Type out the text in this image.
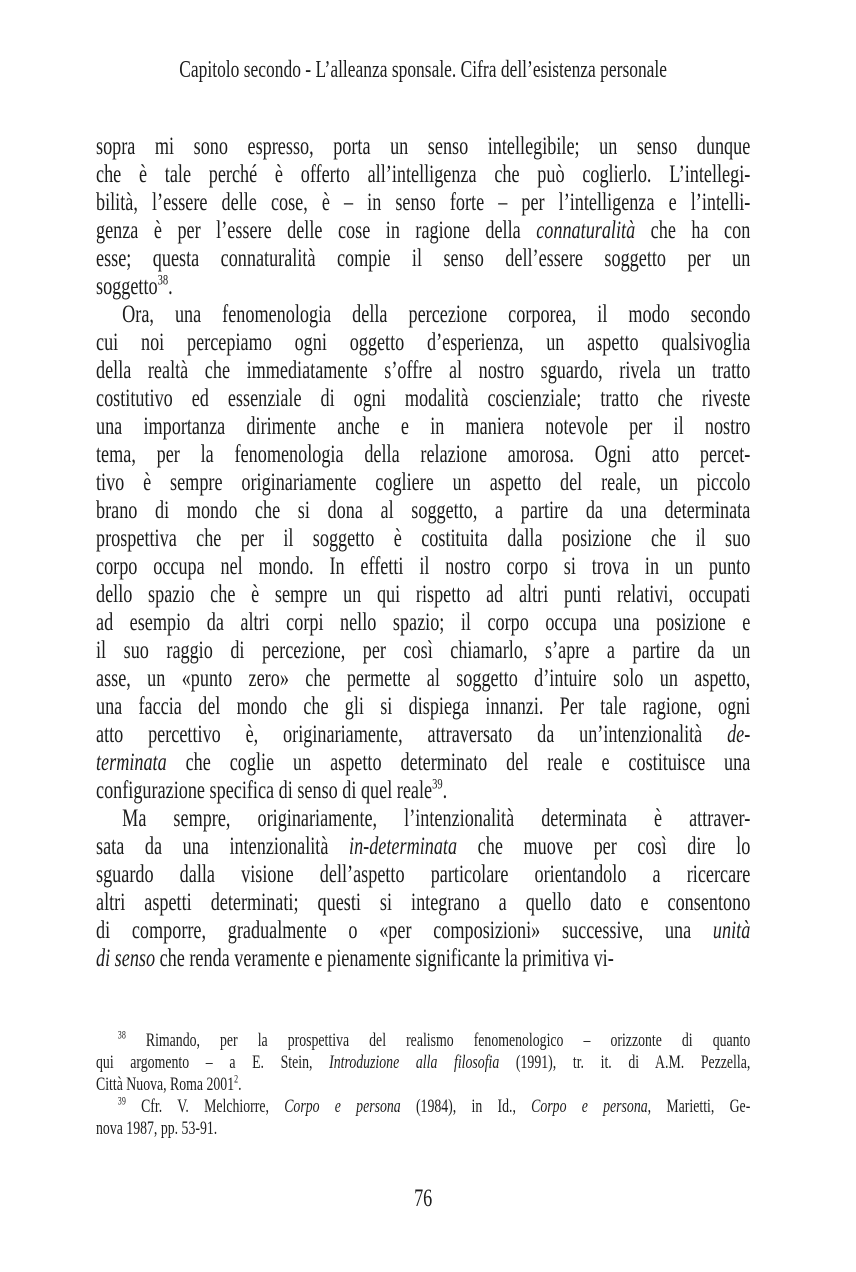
Capitolo secondo - L’alleanza sponsale. Cifra dell’esistenza personale
sopra mi sono espresso, porta un senso intellegibile; un senso dunque
che è tale perché è offerto all’intelligenza che può coglierlo. L’intellegi-
bilità, l’essere delle cose, è – in senso forte – per l’intelligenza e l’intelli-
genza è per l’essere delle cose in ragione della connaturalità che ha con
esse; questa connaturalità compie il senso dell’essere soggetto per un
soggetto$^{38}$.
Ora, una fenomenologia della percezione corporea, il modo secondo
cui noi percepiamo ogni oggetto d’esperienza, un aspetto qualsivoglia
della realtà che immediatamente s’offre al nostro sguardo, rivela un tratto
costitutivo ed essenziale di ogni modalità coscienziale; tratto che riveste
una importanza dirimente anche e in maniera notevole per il nostro
tema, per la fenomenologia della relazione amorosa. Ogni atto percet-
tivo è sempre originariamente cogliere un aspetto del reale, un piccolo
brano di mondo che si dona al soggetto, a partire da una determinata
prospettiva che per il soggetto è costituita dalla posizione che il suo
corpo occupa nel mondo. In effetti il nostro corpo si trova in un punto
dello spazio che è sempre un qui rispetto ad altri punti relativi, occupati
ad esempio da altri corpi nello spazio; il corpo occupa una posizione e
il suo raggio di percezione, per così chiamarlo, s’apre a partire da un
asse, un «punto zero» che permette al soggetto d’intuire solo un aspetto,
una faccia del mondo che gli si dispiega innanzi. Per tale ragione, ogni
atto percettivo è, originariamente, attraversato da un’intenzionalità de-
terminata che coglie un aspetto determinato del reale e costituisce una
configurazione specifica di senso di quel reale$^{39}$.
Ma sempre, originariamente, l’intenzionalità determinata è attraver-
sata da una intenzionalità in-determinata che muove per così dire lo
sguardo dalla visione dell’aspetto particolare orientandolo a ricercare
altri aspetti determinati; questi si integrano a quello dato e consentono
di comporre, gradualmente o «per composizioni» successive, una unità
di senso che renda veramente e pienamente significante la primitiva vi-
$^{38}$ Rimando, per la prospettiva del realismo fenomenologico – orizzonte di quanto
qui argomento – a E. Stein, Introduzione alla filosofia (1991), tr. it. di A.M. Pezzella,
Città Nuova, Roma 2001$^2$.
$^{39}$ Cfr. V. Melchiorre, Corpo e persona (1984), in Id., Corpo e persona, Marietti, Ge-
nova 1987, pp. 53-91.
76
